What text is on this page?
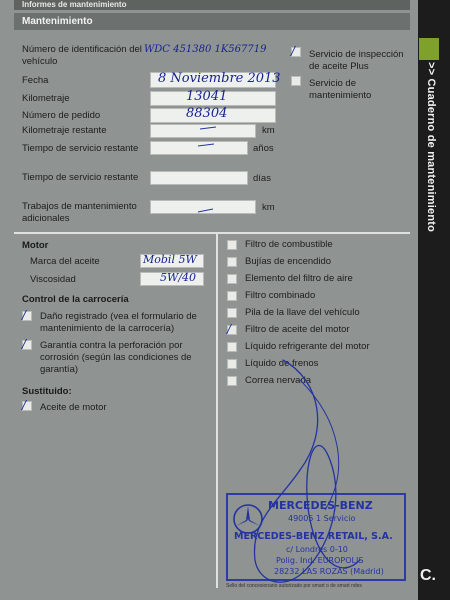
Informes de mantenimiento
Mantenimiento
Número de identificación del vehículo
WDC 451380 1K567719
Fecha	8 Noviembre 2013
Kilometraje	13041
Número de pedido	88304
Kilometraje restante	km
Tiempo de servicio restante	años
Tiempo de servicio restante	días
Trabajos de mantenimiento adicionales
km
/ Servicio de inspección de aceite Plus
Servicio de mantenimiento
Motor
Marca del aceite	Mobil 5W
Viscosidad	5W/40
Control de la carrocería
/ Daño registrado (vea el formulario de mantenimiento de la carrocería)
/ Garantía contra la perforación por corrosión (según las condiciones de garantía)
Sustituido:
/ Aceite de motor
Filtro de combustible
Bujías de encendido
Elemento del filtro de aire
Filtro combinado
Pila de la llave del vehículo
/ Filtro de aceite del motor
Líquido refrigerante del motor
Líquido de frenos
Correa nervada
MERCEDES-BENZ
49005 1 Servicio
MERCEDES-BENZ RETAIL, S.A.
c/ Londres 0-10
Polig. Ind. EUROPOLIS
28232 LAS ROZAS (Madrid)
Sello del concesionario autorizado por smart o de smart ndes
>> Cuaderno de mantenimiento
C.
